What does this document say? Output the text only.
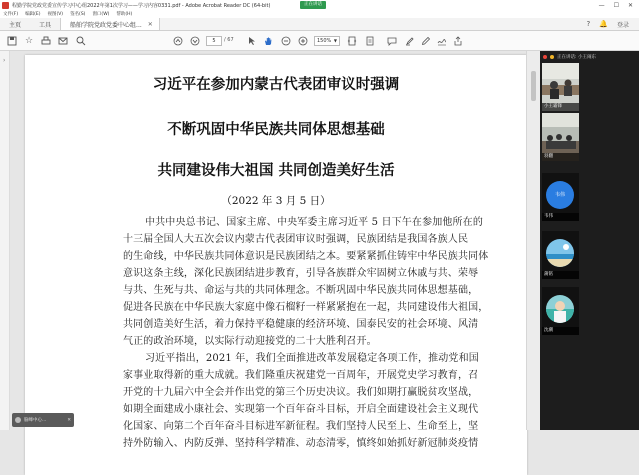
程勤学院党政党委宣传学习中心组2022年第1次学习——学习内容0331.pdf - Adobe Acrobat Reader DC (64-bit)	正在讲话	— ☐ ✕
文件(F) 编辑(E) 视图(V) 签名(S) 窗口(W) 帮助(H)
主页	工具	船舶学院党政党委中心组... ✕	? 🔔 登录
☆	5	/ 67	150% ▼
›
习近平在参加内蒙古代表团审议时强调
不断巩固中华民族共同体思想基础
共同建设伟大祖国 共同创造美好生活
（2022 年 3 月 5 日）
中共中央总书记、国家主席、中央军委主席习近平 5 日下午在参加他所在的
十三届全国人大五次会议内蒙古代表团审议时强调，民族团结是我国各族人民
的生命线，中华民族共同体意识是民族团结之本。要紧紧抓住铸牢中华民族共同体
意识这条主线，深化民族团结进步教育，引导各族群众牢固树立休戚与共、荣辱
与共、生死与共、命运与共的共同体理念。不断巩固中华民族共同体思想基础，
促进各民族在中华民族大家庭中像石榴籽一样紧紧抱在一起，共同建设伟大祖国，
共同创造美好生活，着力保持平稳健康的经济环境、国泰民安的社会环境、风清
气正的政治环境，以实际行动迎接党的二十大胜利召开。
习近平指出，2021 年，我们全面推进改革发展稳定各项工作，推动党和国
家事业取得新的重大成就。我们隆重庆祝建党一百周年，开展党史学习教育，召
开党的十九届六中全会并作出党的第三个历史决议。我们如期打赢脱贫攻坚战，
如期全面建成小康社会、实现第一个百年奋斗目标，开启全面建设社会主义现代
化国家、向第二个百年奋斗目标进军新征程。我们坚持人民至上、生命至上，坚
持外防输入、内防反弹、坚持科学精准、动态清零，慎终如始抓好新冠肺炎疫情
脑峰中心...	✕
正在讲话: 小王闹东
小王霜锋
羽翻
韦伟
韦伟
蒲铭
沈潮
